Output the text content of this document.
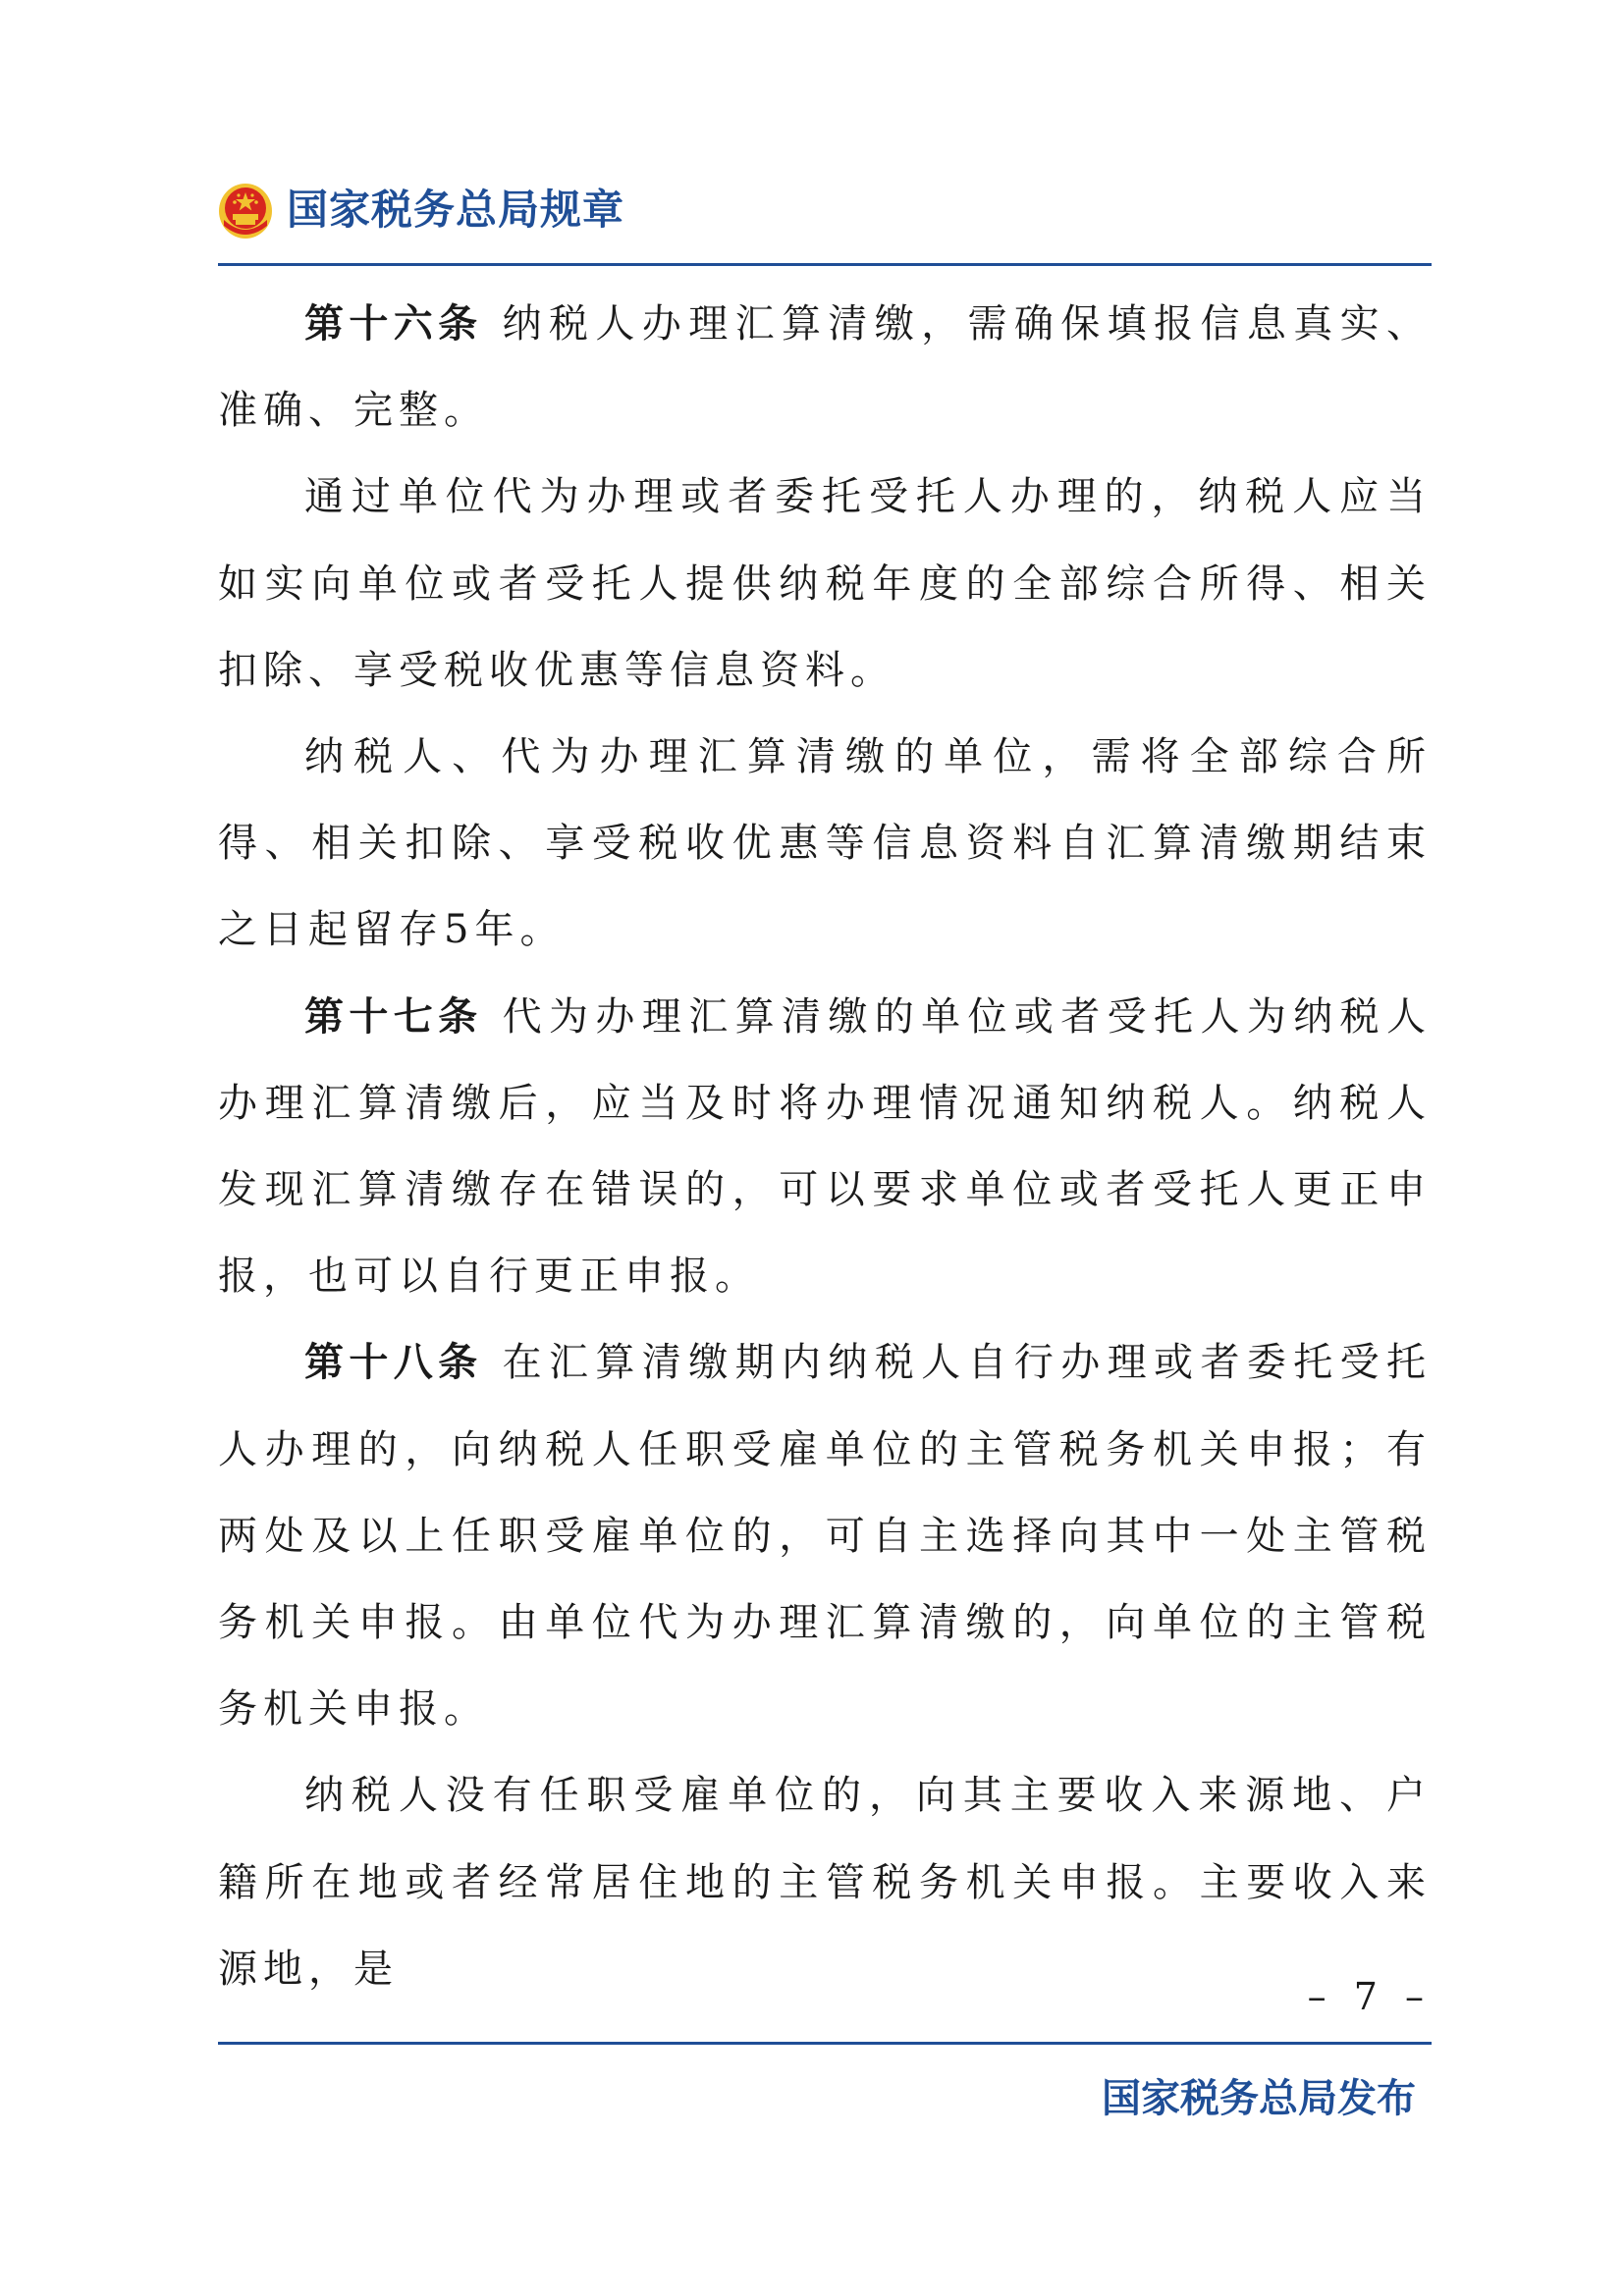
国家税务总局规章

第十六条 纳税人办理汇算清缴，需确保填报信息真实、准确、完整。

通过单位代为办理或者委托受托人办理的，纳税人应当如实向单位或者受托人提供纳税年度的全部综合所得、相关扣除、享受税收优惠等信息资料。

纳税人、代为办理汇算清缴的单位，需将全部综合所得、相关扣除、享受税收优惠等信息资料自汇算清缴期结束之日起留存5年。

第十七条 代为办理汇算清缴的单位或者受托人为纳税人办理汇算清缴后，应当及时将办理情况通知纳税人。纳税人发现汇算清缴存在错误的，可以要求单位或者受托人更正申报，也可以自行更正申报。

第十八条 在汇算清缴期内纳税人自行办理或者委托受托人办理的，向纳税人任职受雇单位的主管税务机关申报；有两处及以上任职受雇单位的，可自主选择向其中一处主管税务机关申报。由单位代为办理汇算清缴的，向单位的主管税务机关申报。

纳税人没有任职受雇单位的，向其主要收入来源地、户籍所在地或者经常居住地的主管税务机关申报。主要收入来源地，是

– 7 –
国家税务总局发布
